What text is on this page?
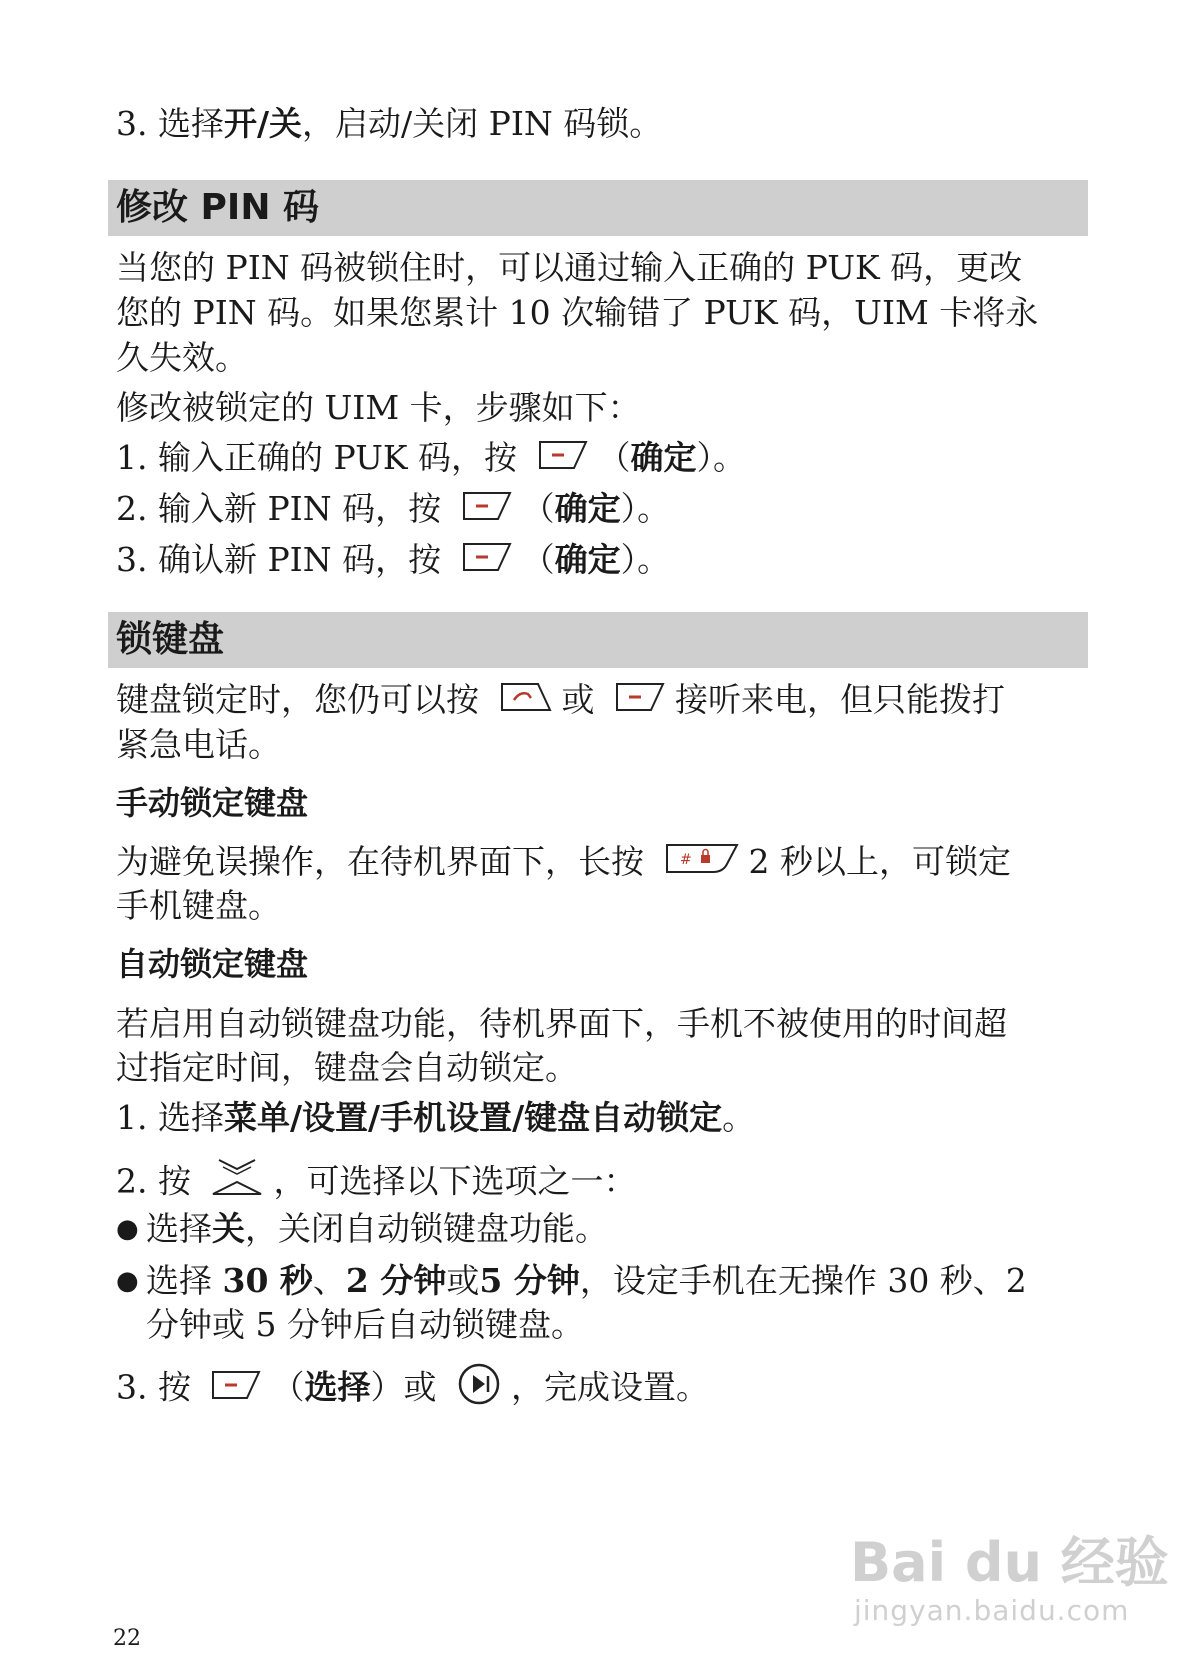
3. 选择开/关，启动/关闭 PIN 码锁。
修改 PIN 码
当您的 PIN 码被锁住时，可以通过输入正确的 PUK 码，更改
您的 PIN 码。如果您累计 10 次输错了 PUK 码，UIM 卡将永
久失效。
修改被锁定的 UIM 卡，步骤如下：
1. 输入正确的 PUK 码，按 （确定）。
2. 输入新 PIN 码，按 （确定）。
3. 确认新 PIN 码，按 （确定）。
锁键盘
键盘锁定时，您仍可以按	或 接听来电，但只能拨打
紧急电话。
手动锁定键盘
为避免误操作，在待机界面下，长按	# 2 秒以上，可锁定
手机键盘。
自动锁定键盘
若启用自动锁键盘功能，待机界面下，手机不被使用的时间超
过指定时间，键盘会自动锁定。
1. 选择菜单/设置/手机设置/键盘自动锁定。
2. 按	，可选择以下选项之一：
● 选择关，关闭自动锁键盘功能。
● 选择 30 秒、2 分钟或5 分钟，设定手机在无操作 30 秒、2
分钟或 5 分钟后自动锁键盘。
3. 按 （选择）或 ，完成设置。
Bai du 经验
jingyan.baidu.com
22
